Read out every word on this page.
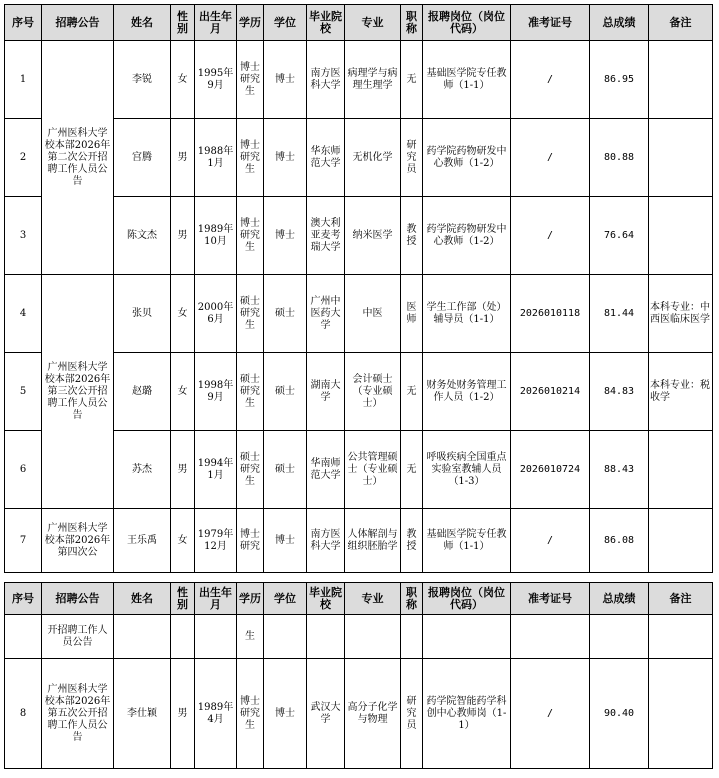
序号	招聘公告	姓名	性别	出生年月	学历	学位	毕业院校	专业	职称	报聘岗位（岗位代码）	准考证号	总成绩	备注
1	广州医科大学校本部2026年第二次公开招聘工作人员公告	李锐	女	1995年9月	博士研究生	博士	南方医科大学	病理学与病理生理学	无	基础医学院专任教师（1-1）	/	86.95	
2		宫腾	男	1988年1月	博士研究生	博士	华东师范大学	无机化学	研究员	药学院药物研发中心教师（1-2）	/	80.88	
3		陈文杰	男	1989年10月	博士研究生	博士	澳大利亚麦考瑞大学	纳米医学	教授	药学院药物研发中心教师（1-2）	/	76.64	
4	广州医科大学校本部2026年第三次公开招聘工作人员公告	张贝	女	2000年6月	硕士研究生	硕士	广州中医药大学	中医	医师	学生工作部（处）辅导员（1-1）	2026010118	81.44	本科专业：中西医临床医学
5		赵璐	女	1998年9月	硕士研究生	硕士	湖南大学	会计硕士（专业硕士）	无	财务处财务管理工作人员（1-2）	2026010214	84.83	本科专业：税收学
6		苏杰	男	1994年1月	硕士研究生	硕士	华南师范大学	公共管理硕士（专业硕士）	无	呼吸疾病全国重点实验室教辅人员（1-3）	2026010724	88.43	
7	广州医科大学校本部2026年第四次公	王乐禹	女	1979年12月	博士研究	博士	南方医科大学	人体解剖与组织胚胎学	教授	基础医学院专任教师（1-1）	/	86.08	
序号	招聘公告	姓名	性别	出生年月	学历	学位	毕业院校	专业	职称	报聘岗位（岗位代码）	准考证号	总成绩	备注
	开招聘工作人员公告				生								
8	广州医科大学校本部2026年第五次公开招聘工作人员公告	李仕颖	男	1989年4月	博士研究生	博士	武汉大学	高分子化学与物理	研究员	药学院智能药学科创中心教师岗（1-1）	/	90.40	
